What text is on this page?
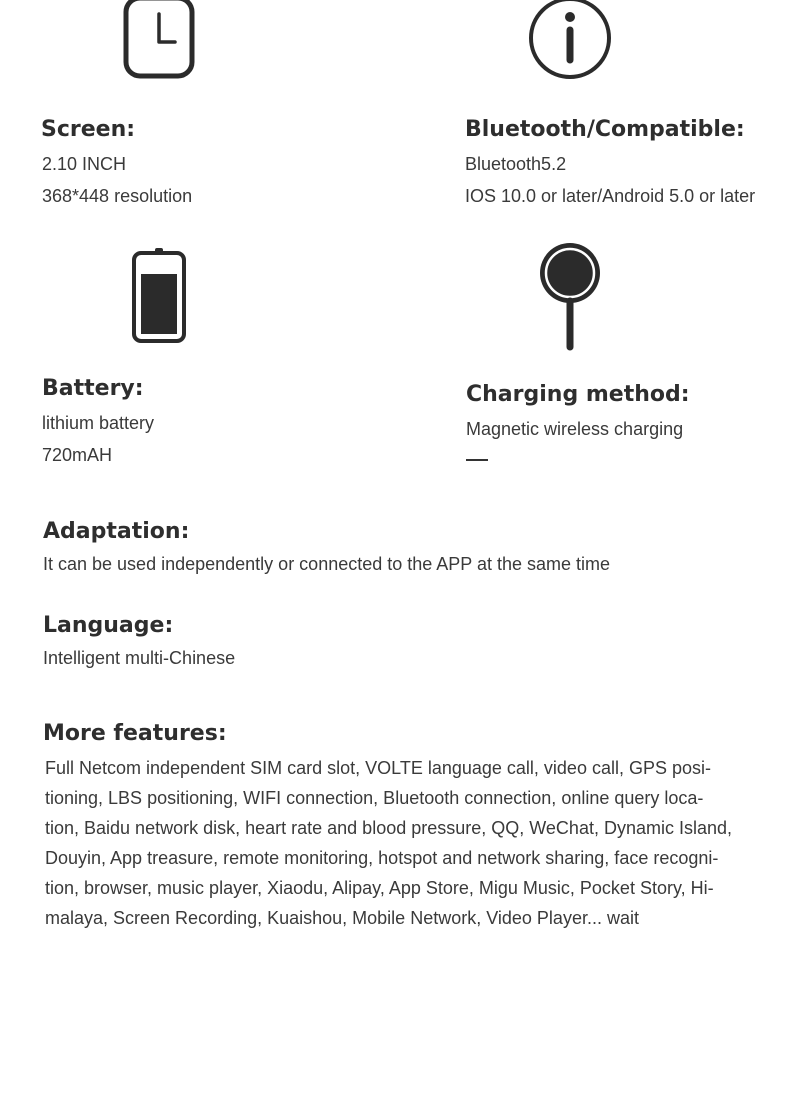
Screen:
2.10 INCH
368*448 resolution
Bluetooth/Compatible:
Bluetooth5.2
IOS 10.0 or later/Android 5.0 or later
Battery:
lithium battery
720mAH
Charging method:
Magnetic wireless charging
Adaptation:
It can be used independently or connected to the APP at the same time
Language:
Intelligent multi-Chinese
More features:
Full Netcom independent SIM card slot, VOLTE language call, video call, GPS posi-
tioning, LBS positioning, WIFI connection, Bluetooth connection, online query loca-
tion, Baidu network disk, heart rate and blood pressure, QQ, WeChat, Dynamic Island,
Douyin, App treasure, remote monitoring, hotspot and network sharing, face recogni-
tion, browser, music player, Xiaodu, Alipay, App Store, Migu Music, Pocket Story, Hi-
malaya, Screen Recording, Kuaishou, Mobile Network, Video Player... wait
